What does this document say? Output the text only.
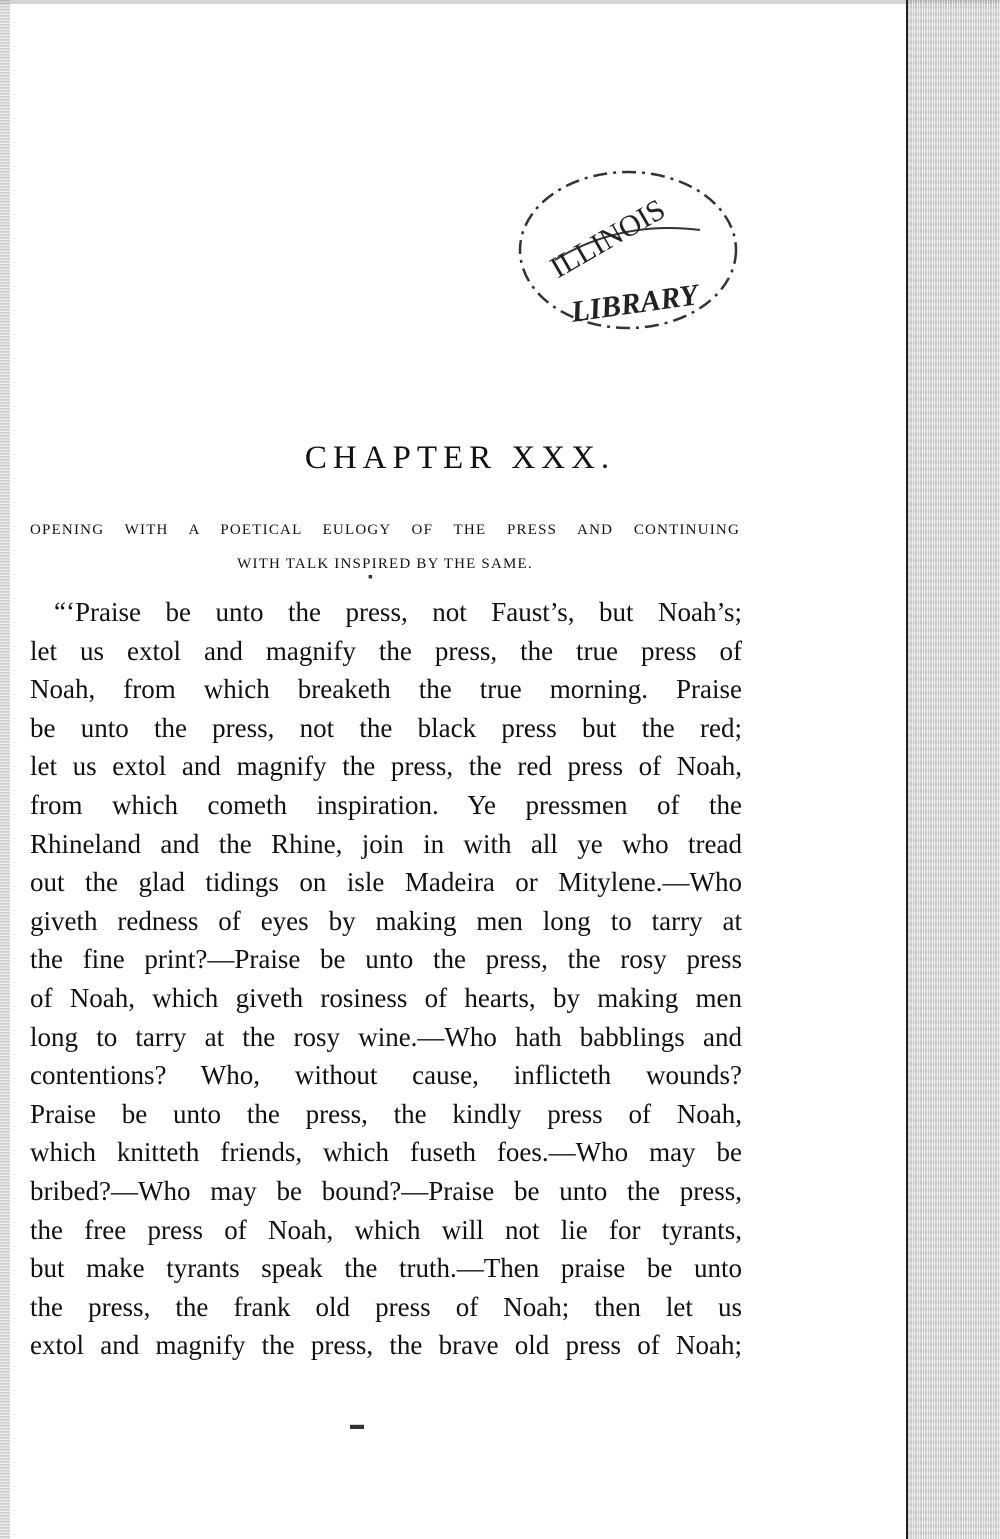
ILLINOIS
LIBRARY
CHAPTER XXX.
OPENING WITH A POETICAL EULOGY OF THE PRESS AND CONTINUING
WITH TALK INSPIRED BY THE SAME.
▪
“‘Praise be unto the press, not Faust’s, but Noah’s;
let us extol and magnify the press, the true press of
Noah, from which breaketh the true morning. Praise
be unto the press, not the black press but the red;
let us extol and magnify the press, the red press of Noah,
from which cometh inspiration. Ye pressmen of the
Rhineland and the Rhine, join in with all ye who tread
out the glad tidings on isle Madeira or Mitylene.—Who
giveth redness of eyes by making men long to tarry at
the fine print?—Praise be unto the press, the rosy press
of Noah, which giveth rosiness of hearts, by making men
long to tarry at the rosy wine.—Who hath babblings and
contentions? Who, without cause, inflicteth wounds?
Praise be unto the press, the kindly press of Noah,
which knitteth friends, which fuseth foes.—Who may be
bribed?—Who may be bound?—Praise be unto the press,
the free press of Noah, which will not lie for tyrants,
but make tyrants speak the truth.—Then praise be unto
the press, the frank old press of Noah; then let us
extol and magnify the press, the brave old press of Noah;
▬
